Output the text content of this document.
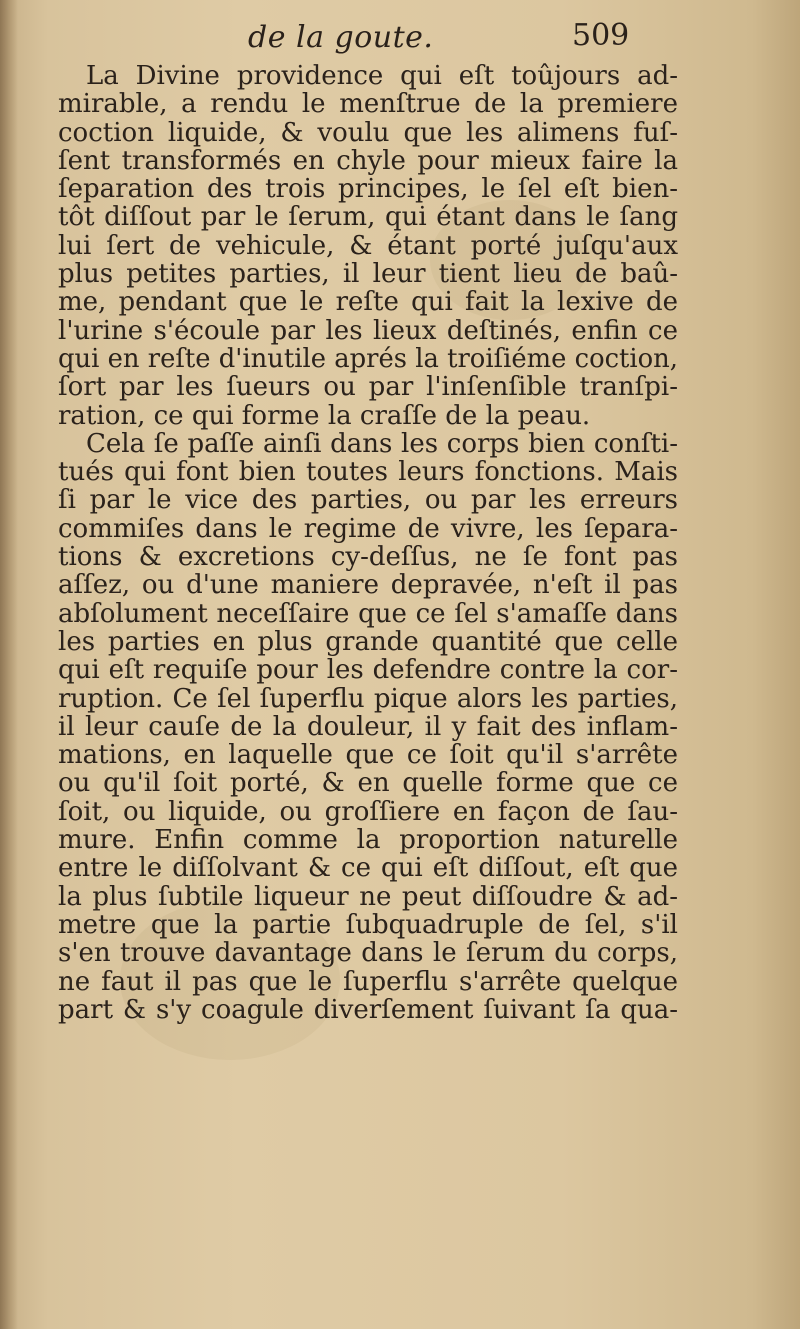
de la goute.	509
La Divine providence qui eſt toûjours ad-
mirable, a rendu le menſtrue de la premiere
coction liquide, & voulu que les alimens fuſ-
ſent transformés en chyle pour mieux faire la
ſeparation des trois principes, le ſel eſt bien-
tôt diſſout par le ſerum, qui étant dans le ſang
lui ſert de vehicule, & étant porté juſqu'aux
plus petites parties, il leur tient lieu de baû-
me, pendant que le reſte qui fait la lexive de
l'urine s'écoule par les lieux deſtinés, enfin ce
qui en reſte d'inutile aprés la troiſiéme coction,
ſort par les ſueurs ou par l'inſenſible tranſpi-
ration, ce qui forme la craſſe de la peau.
Cela ſe paſſe ainſi dans les corps bien conſti-
tués qui font bien toutes leurs fonctions. Mais
ſi par le vice des parties, ou par les erreurs
commiſes dans le regime de vivre, les ſepara-
tions & excretions cy-deſſus, ne ſe font pas
aſſez, ou d'une maniere depravée, n'eſt il pas
abſolument neceſſaire que ce ſel s'amaſſe dans
les parties en plus grande quantité que celle
qui eſt requiſe pour les defendre contre la cor-
ruption. Ce ſel ſuperflu pique alors les parties,
il leur cauſe de la douleur, il y fait des inflam-
mations, en laquelle que ce ſoit qu'il s'arrête
ou qu'il ſoit porté, & en quelle forme que ce
ſoit, ou liquide, ou groſſiere en façon de ſau-
mure. Enfin comme la proportion naturelle
entre le diſſolvant & ce qui eſt diſſout, eſt que
la plus ſubtile liqueur ne peut diſſoudre & ad-
metre que la partie ſubquadruple de ſel, s'il
s'en trouve davantage dans le ſerum du corps,
ne faut il pas que le ſuperflu s'arrête quelque
part & s'y coagule diverſement ſuivant ſa qua-
